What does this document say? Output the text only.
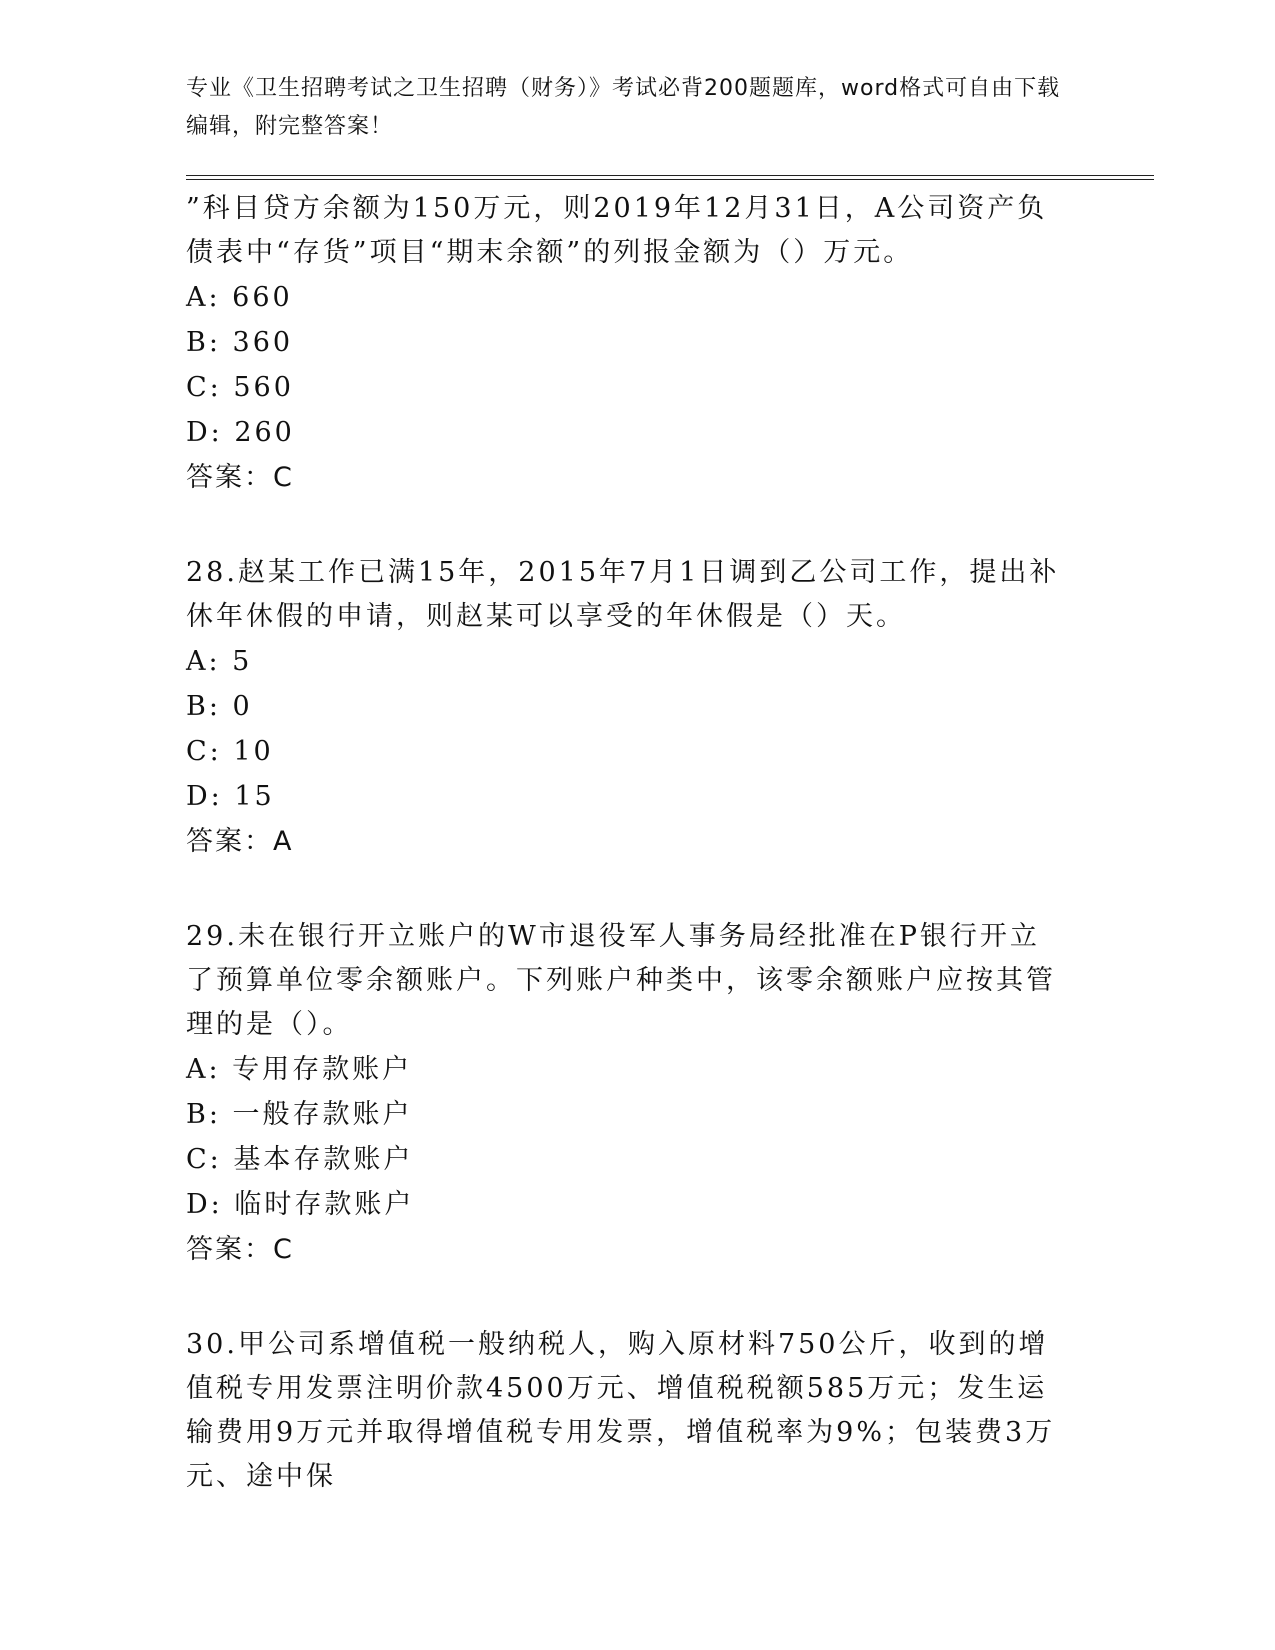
专业《卫生招聘考试之卫生招聘（财务）》考试必背200题题库，word格式可自由下载编辑，附完整答案！

”科目贷方余额为150万元，则2019年12月31日，A公司资产负债表中“存货”项目“期末余额”的列报金额为（）万元。

A: 660

B: 360

C: 560

D: 260

答案：C

28.赵某工作已满15年，2015年7月1日调到乙公司工作，提出补休年休假的申请，则赵某可以享受的年休假是（）天。

A: 5

B: 0

C: 10

D: 15

答案：A

29.未在银行开立账户的W市退役军人事务局经批准在P银行开立了预算单位零余额账户。下列账户种类中，该零余额账户应按其管理的是（）。

A: 专用存款账户

B: 一般存款账户

C: 基本存款账户

D: 临时存款账户

答案：C

30.甲公司系增值税一般纳税人，购入原材料750公斤，收到的增值税专用发票注明价款4500万元、增值税税额585万元；发生运输费用9万元并取得增值税专用发票，增值税率为9%；包装费3万元、途中保
